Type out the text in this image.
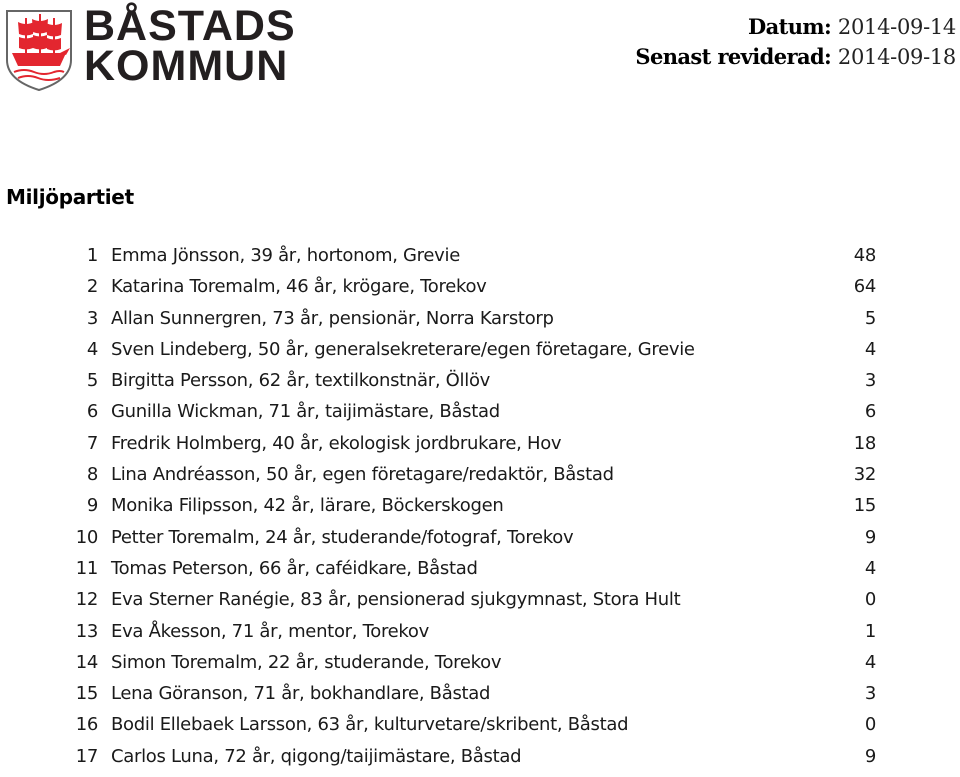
BÅSTADS
KOMMUN
Datum: 2014-09-14
Senast reviderad: 2014-09-18
Miljöpartiet
1 Emma Jönsson, 39 år, hortonom, Grevie	48
2 Katarina Toremalm, 46 år, krögare, Torekov	64
3 Allan Sunnergren, 73 år, pensionär, Norra Karstorp	5
4 Sven Lindeberg, 50 år, generalsekreterare/egen företagare, Grevie	4
5 Birgitta Persson, 62 år, textilkonstnär, Öllöv	3
6 Gunilla Wickman, 71 år, taijimästare, Båstad	6
7 Fredrik Holmberg, 40 år, ekologisk jordbrukare, Hov	18
8 Lina Andréasson, 50 år, egen företagare/redaktör, Båstad	32
9 Monika Filipsson, 42 år, lärare, Böckerskogen	15
10 Petter Toremalm, 24 år, studerande/fotograf, Torekov	9
11 Tomas Peterson, 66 år, caféidkare, Båstad	4
12 Eva Sterner Ranégie, 83 år, pensionerad sjukgymnast, Stora Hult	0
13 Eva Åkesson, 71 år, mentor, Torekov	1
14 Simon Toremalm, 22 år, studerande, Torekov	4
15 Lena Göranson, 71 år, bokhandlare, Båstad	3
16 Bodil Ellebaek Larsson, 63 år, kulturvetare/skribent, Båstad	0
17 Carlos Luna, 72 år, qigong/taijimästare, Båstad	9
